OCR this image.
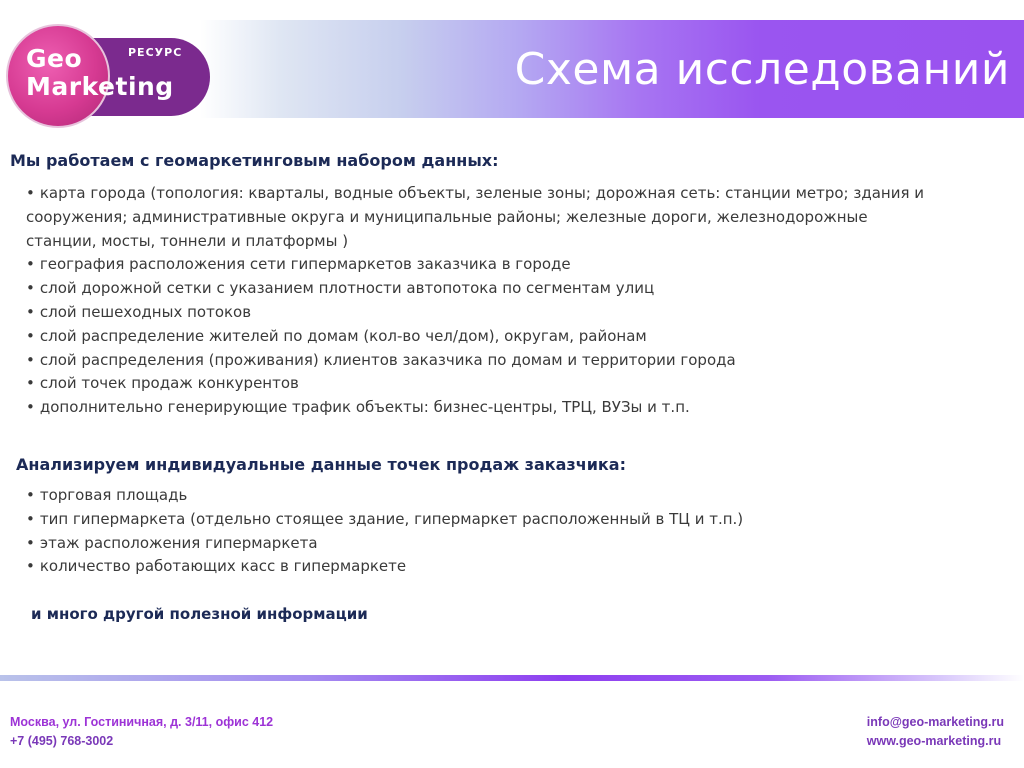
Схема исследований
Geo
Marketing
РЕСУРС
Мы работаем с геомаркетинговым набором данных:
• карта города (топология: кварталы, водные объекты, зеленые зоны; дорожная сеть: станции метро; здания и
сооружения; административные округа и муниципальные районы; железные дороги, железнодорожные
станции, мосты, тоннели и платформы )
• география расположения сети гипермаркетов заказчика в городе
• слой дорожной сетки с указанием плотности автопотока по сегментам улиц
• слой пешеходных потоков
• слой распределение жителей по домам (кол-во чел/дом), округам, районам
• слой распределения (проживания) клиентов заказчика по домам и территории города
• слой точек продаж конкурентов
• дополнительно генерирующие трафик объекты: бизнес-центры, ТРЦ, ВУЗы и т.п.
Анализируем индивидуальные данные точек продаж заказчика:
• торговая площадь
• тип гипермаркета (отдельно стоящее здание, гипермаркет расположенный в ТЦ и т.п.)
• этаж расположения гипермаркета
• количество работающих касс в гипермаркете
и много другой полезной информации
Москва, ул. Гостиничная, д. 3/11, офис 412
+7 (495) 768-3002
info@geo-marketing.ru
www.geo-marketing.ru
